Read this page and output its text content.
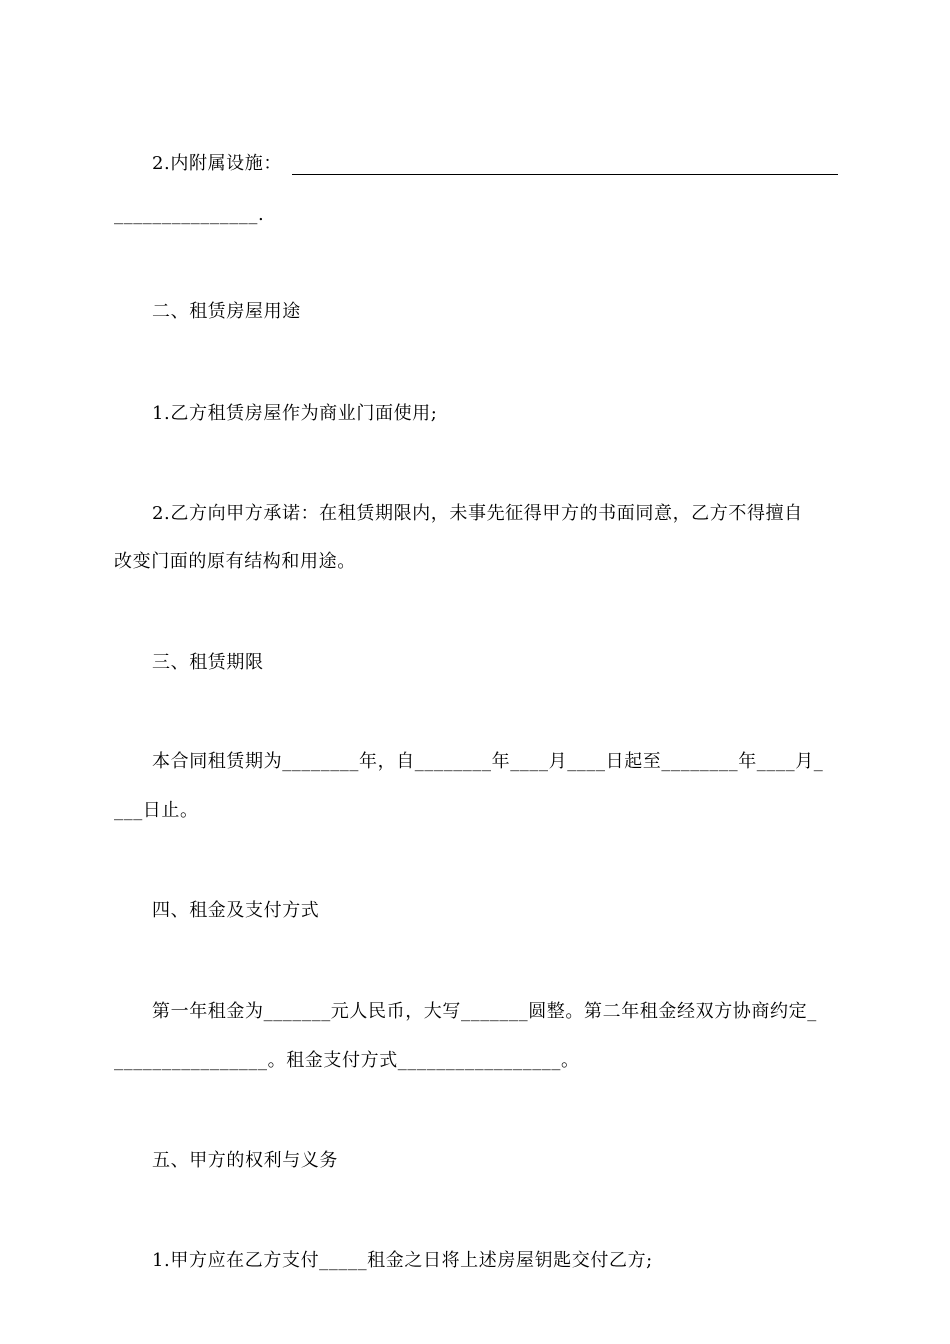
2.内附属设施：
_______________.
二、租赁房屋用途
1.乙方租赁房屋作为商业门面使用;
2.乙方向甲方承诺：在租赁期限内，未事先征得甲方的书面同意，乙方不得擅自
改变门面的原有结构和用途。
三、租赁期限
本合同租赁期为________年，自________年____月____日起至________年____月_
___日止。
四、租金及支付方式
第一年租金为_______元人民币，大写_______圆整。第二年租金经双方协商约定_
________________。租金支付方式_________________。
五、甲方的权利与义务
1.甲方应在乙方支付_____租金之日将上述房屋钥匙交付乙方;
